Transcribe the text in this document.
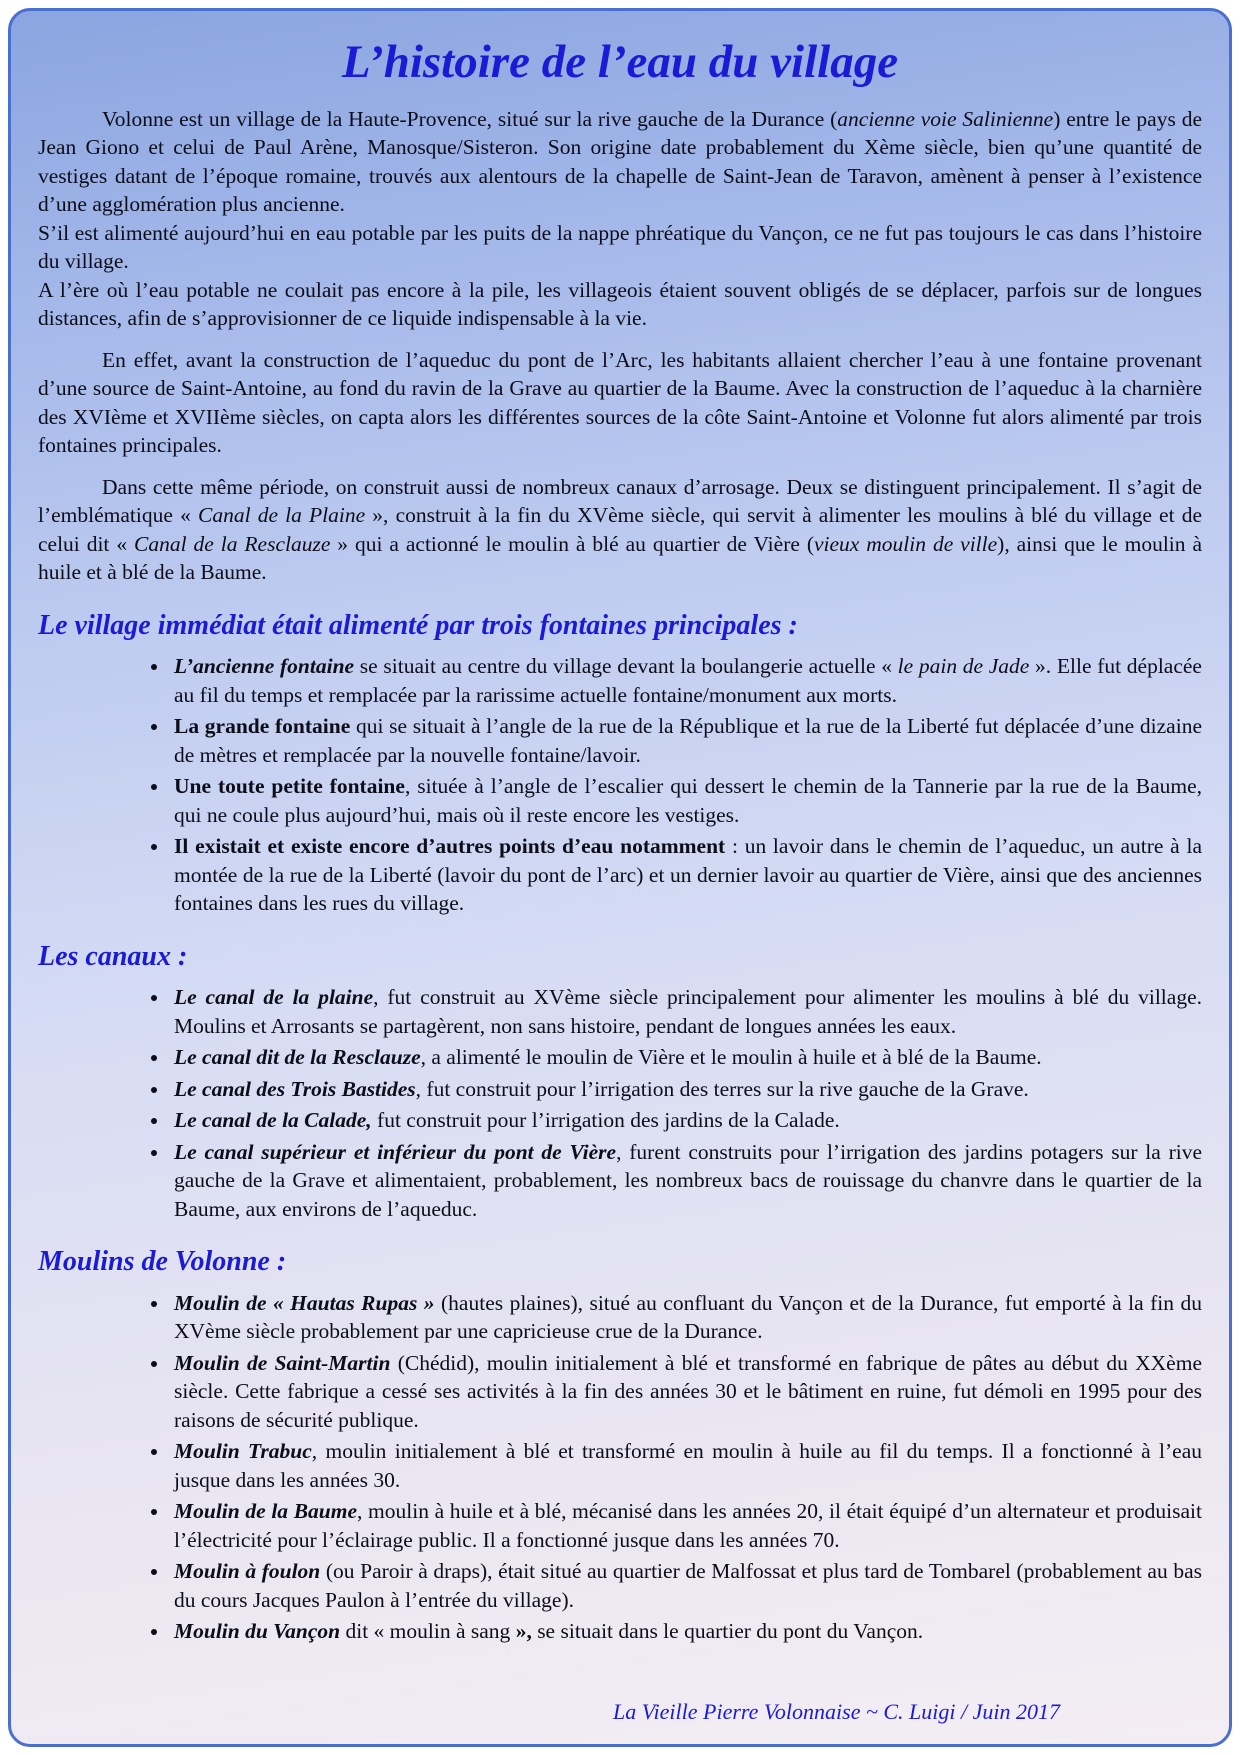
L’histoire de l’eau du village

Volonne est un village de la Haute-Provence, situé sur la rive gauche de la Durance (ancienne voie Salinienne) entre le pays de Jean Giono et celui de Paul Arène, Manosque/Sisteron. Son origine date probablement du Xème siècle, bien qu’une quantité de vestiges datant de l’époque romaine, trouvés aux alentours de la chapelle de Saint-Jean de Taravon, amènent à penser à l’existence d’une agglomération plus ancienne.

S’il est alimenté aujourd’hui en eau potable par les puits de la nappe phréatique du Vançon, ce ne fut pas toujours le cas dans l’histoire du village.

A l’ère où l’eau potable ne coulait pas encore à la pile, les villageois étaient souvent obligés de se déplacer, parfois sur de longues distances, afin de s’approvisionner de ce liquide indispensable à la vie.

En effet, avant la construction de l’aqueduc du pont de l’Arc, les habitants allaient chercher l’eau à une fontaine provenant d’une source de Saint-Antoine, au fond du ravin de la Grave au quartier de la Baume. Avec la construction de l’aqueduc à la charnière des XVIème et XVIIème siècles, on capta alors les différentes sources de la côte Saint-Antoine et Volonne fut alors alimenté par trois fontaines principales.

Dans cette même période, on construit aussi de nombreux canaux d’arrosage. Deux se distinguent principalement. Il s’agit de l’emblématique « Canal de la Plaine », construit à la fin du XVème siècle, qui servit à alimenter les moulins à blé du village et de celui dit « Canal de la Resclauze » qui a actionné le moulin à blé au quartier de Vière (vieux moulin de ville), ainsi que le moulin à huile et à blé de la Baume.

Le village immédiat était alimenté par trois fontaines principales :
• L’ancienne fontaine se situait au centre du village devant la boulangerie actuelle « le pain de Jade ». Elle fut déplacée au fil du temps et remplacée par la rarissime actuelle fontaine/monument aux morts.
• La grande fontaine qui se situait à l’angle de la rue de la République et la rue de la Liberté fut déplacée d’une dizaine de mètres et remplacée par la nouvelle fontaine/lavoir.
• Une toute petite fontaine, située à l’angle de l’escalier qui dessert le chemin de la Tannerie par la rue de la Baume, qui ne coule plus aujourd’hui, mais où il reste encore les vestiges.
• Il existait et existe encore d’autres points d’eau notamment : un lavoir dans le chemin de l’aqueduc, un autre à la montée de la rue de la Liberté (lavoir du pont de l’arc) et un dernier lavoir au quartier de Vière, ainsi que des anciennes fontaines dans les rues du village.
Les canaux :
• Le canal de la plaine, fut construit au XVème siècle principalement pour alimenter les moulins à blé du village. Moulins et Arrosants se partagèrent, non sans histoire, pendant de longues années les eaux.
• Le canal dit de la Resclauze, a alimenté le moulin de Vière et le moulin à huile et à blé de la Baume.
• Le canal des Trois Bastides, fut construit pour l’irrigation des terres sur la rive gauche de la Grave.
• Le canal de la Calade, fut construit pour l’irrigation des jardins de la Calade.
• Le canal supérieur et inférieur du pont de Vière, furent construits pour l’irrigation des jardins potagers sur la rive gauche de la Grave et alimentaient, probablement, les nombreux bacs de rouissage du chanvre dans le quartier de la Baume, aux environs de l’aqueduc.
Moulins de Volonne :
• Moulin de « Hautas Rupas » (hautes plaines), situé au confluant du Vançon et de la Durance, fut emporté à la fin du XVème siècle probablement par une capricieuse crue de la Durance.
• Moulin de Saint-Martin (Chédid), moulin initialement à blé et transformé en fabrique de pâtes au début du XXème siècle. Cette fabrique a cessé ses activités à la fin des années 30 et le bâtiment en ruine, fut démoli en 1995 pour des raisons de sécurité publique.
• Moulin Trabuc, moulin initialement à blé et transformé en moulin à huile au fil du temps. Il a fonctionné à l’eau jusque dans les années 30.
• Moulin de la Baume, moulin à huile et à blé, mécanisé dans les années 20, il était équipé d’un alternateur et produisait l’électricité pour l’éclairage public. Il a fonctionné jusque dans les années 70.
• Moulin à foulon (ou Paroir à draps), était situé au quartier de Malfossat et plus tard de Tombarel (probablement au bas du cours Jacques Paulon à l’entrée du village).
• Moulin du Vançon dit « moulin à sang », se situait dans le quartier du pont du Vançon.
La Vieille Pierre Volonnaise ~ C. Luigi / Juin 2017
